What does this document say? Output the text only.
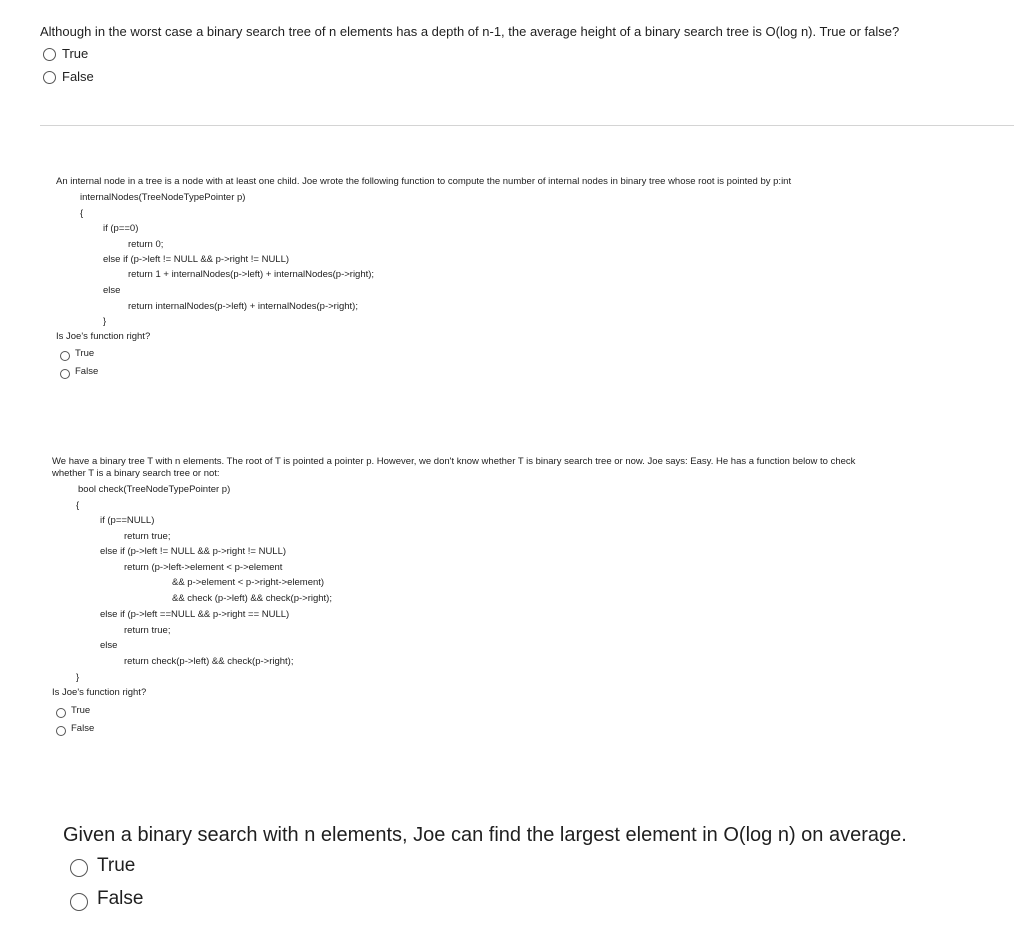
Although in the worst case a binary search tree of n elements has a depth of n-1, the average height of a binary search tree is O(log n). True or false?
True
False
An internal node in a tree is a node with at least one child. Joe wrote the following function to compute the number of internal nodes in binary tree whose root is pointed by p:int
internalNodes(TreeNodeTypePointer p)
{
if (p==0)
return 0;
else if (p->left != NULL && p->right != NULL)
return 1 + internalNodes(p->left) + internalNodes(p->right);
else
return internalNodes(p->left) + internalNodes(p->right);
}
Is Joe's function right?
True
False
We have a binary tree T with n elements. The root of T is pointed a pointer p. However, we don't know whether T is binary search tree or now. Joe says: Easy. He has a function below to check
whether T is a binary search tree or not:
bool check(TreeNodeTypePointer p)
{
if (p==NULL)
return true;
else if (p->left != NULL && p->right != NULL)
return (p->left->element < p->element
&& p->element < p->right->element)
&& check (p->left) && check(p->right);
else if (p->left ==NULL && p->right == NULL)
return true;
else
return check(p->left) && check(p->right);
}
Is Joe's function right?
True
False
Given a binary search with n elements, Joe can find the largest element in O(log n) on average.
True
False
